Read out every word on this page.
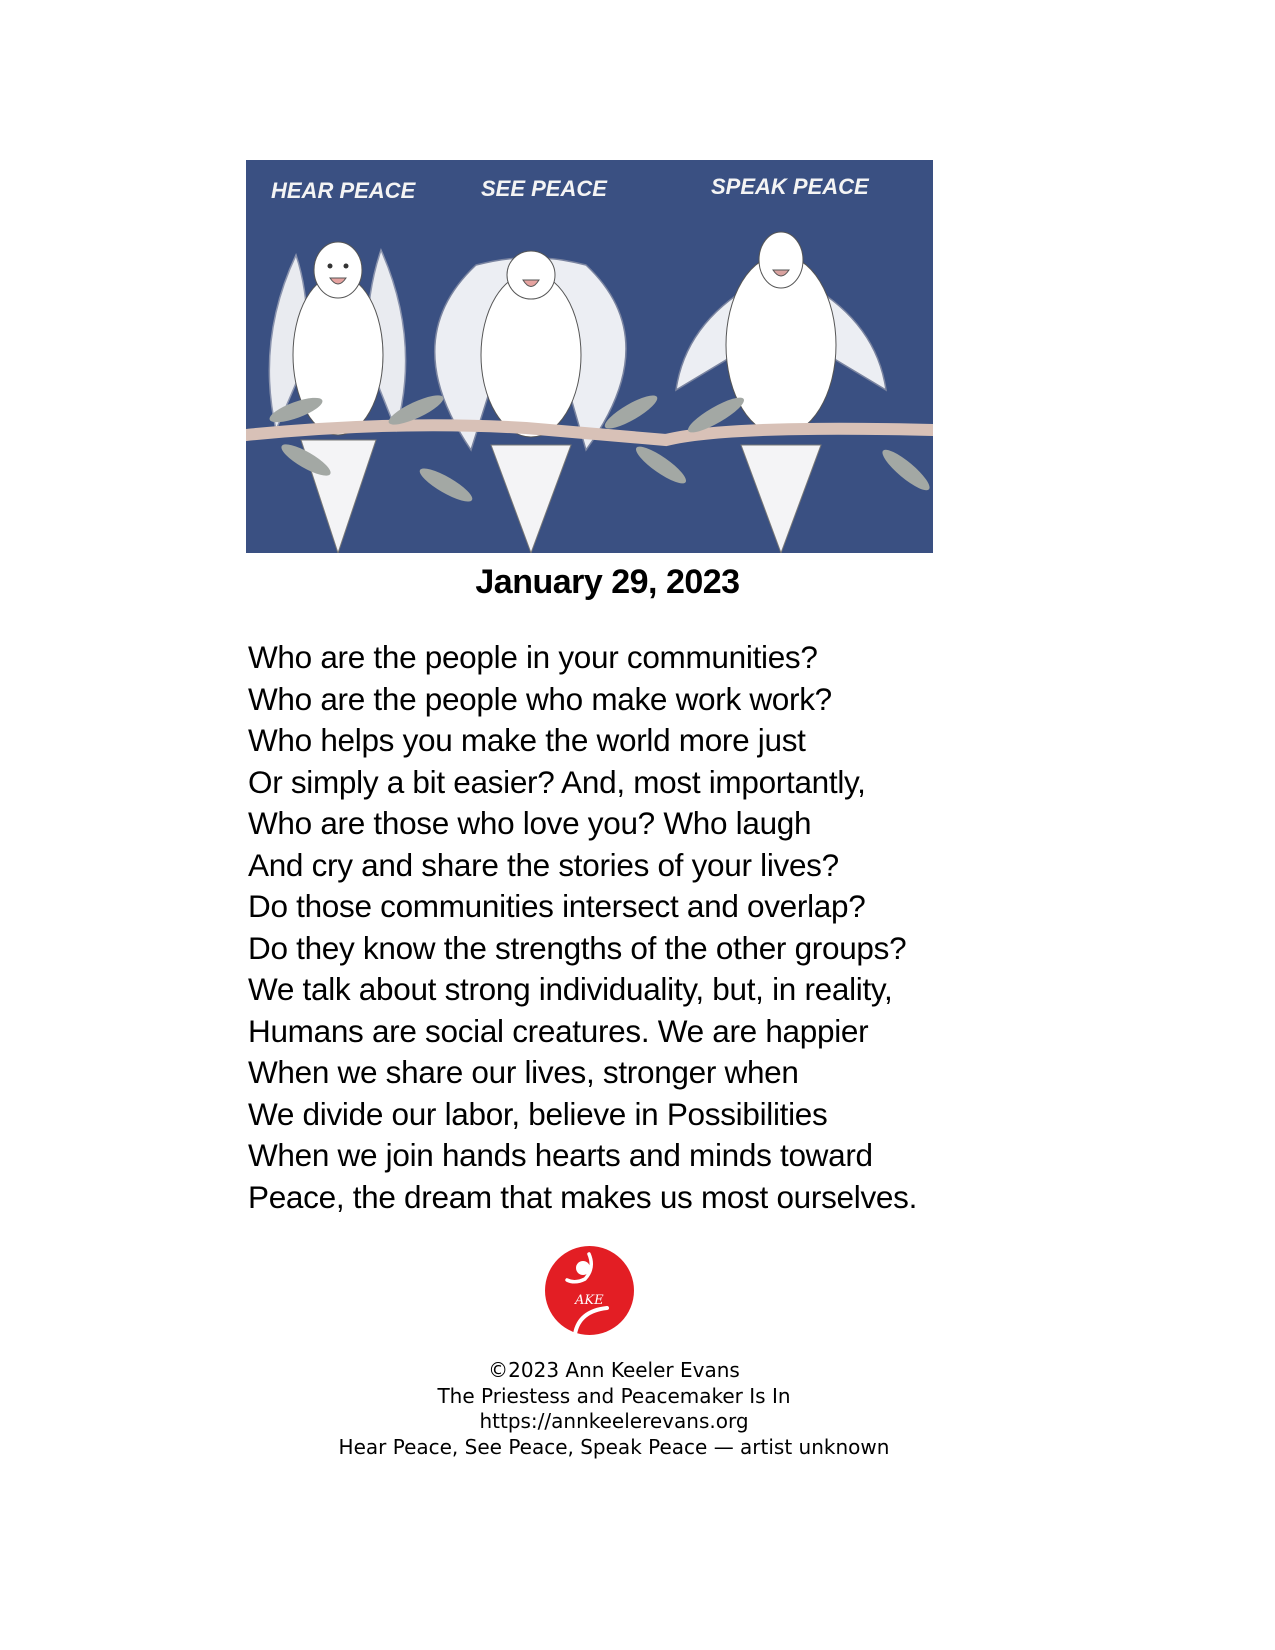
HEAR PEACE	SEE PEACE	SPEAK PEACE
January 29, 2023
Who are the people in your communities?
Who are the people who make work work?
Who helps you make the world more just
Or simply a bit easier? And, most importantly,
Who are those who love you? Who laugh
And cry and share the stories of your lives?
Do those communities intersect and overlap?
Do they know the strengths of the other groups?
We talk about strong individuality, but, in reality,
Humans are social creatures. We are happier
When we share our lives, stronger when
We divide our labor, believe in Possibilities
When we join hands hearts and minds toward
Peace, the dream that makes us most ourselves.
AKE
©2023 Ann Keeler Evans
The Priestess and Peacemaker Is In
https://annkeelerevans.org
Hear Peace, See Peace, Speak Peace — artist unknown
